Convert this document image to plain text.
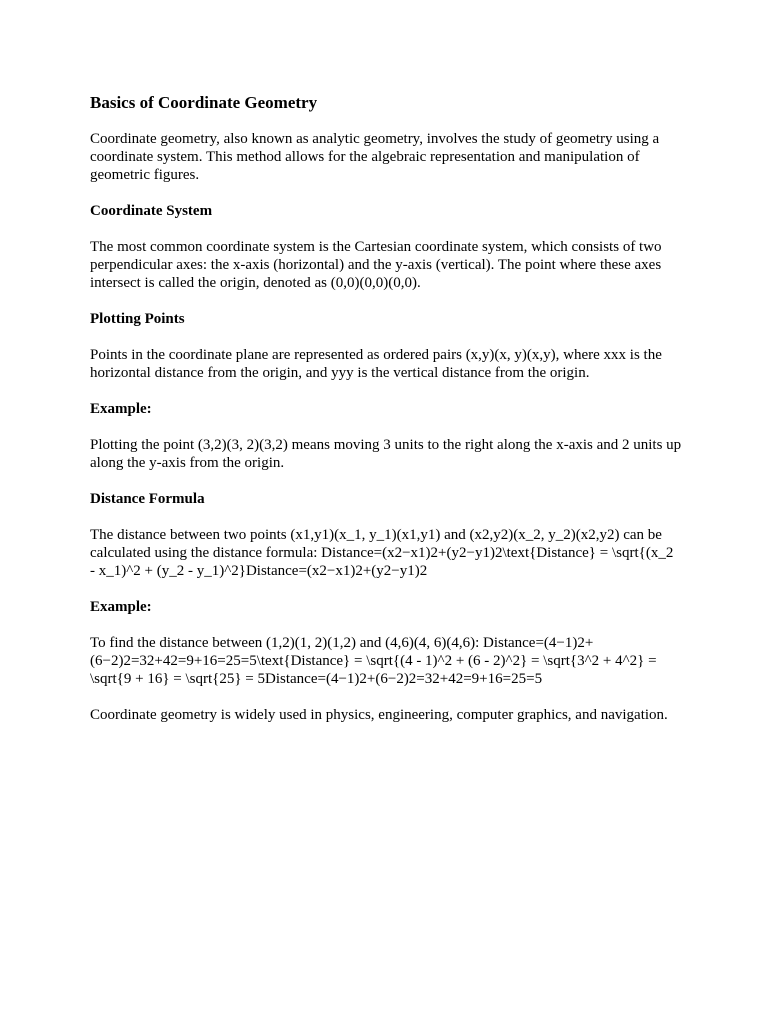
Basics of Coordinate Geometry

Coordinate geometry, also known as analytic geometry, involves the study of geometry using a coordinate system. This method allows for the algebraic representation and manipulation of geometric figures.

Coordinate System

The most common coordinate system is the Cartesian coordinate system, which consists of two perpendicular axes: the x-axis (horizontal) and the y-axis (vertical). The point where these axes intersect is called the origin, denoted as (0,0)(0,0)(0,0).

Plotting Points

Points in the coordinate plane are represented as ordered pairs (x,y)(x, y)(x,y), where xxx is the horizontal distance from the origin, and yyy is the vertical distance from the origin.

Example:

Plotting the point (3,2)(3, 2)(3,2) means moving 3 units to the right along the x-axis and 2 units up along the y-axis from the origin.

Distance Formula

The distance between two points (x1,y1)(x_1, y_1)(x1,y1) and (x2,y2)(x_2, y_2)(x2,y2) can be calculated using the distance formula: Distance=(x2−x1)2+(y2−y1)2\text{Distance} = \sqrt{(x_2 - x_1)^2 + (y_2 - y_1)^2}Distance=(x2−x1)2+(y2−y1)2

Example:

To find the distance between (1,2)(1, 2)(1,2) and (4,6)(4, 6)(4,6): Distance=(4−1)2+(6−2)2=32+42=9+16=25=5\text{Distance} = \sqrt{(4 - 1)^2 + (6 - 2)^2} = \sqrt{3^2 + 4^2} = \sqrt{9 + 16} = \sqrt{25} = 5Distance=(4−1)2+(6−2)2=32+42=9+16=25=5

Coordinate geometry is widely used in physics, engineering, computer graphics, and navigation.
